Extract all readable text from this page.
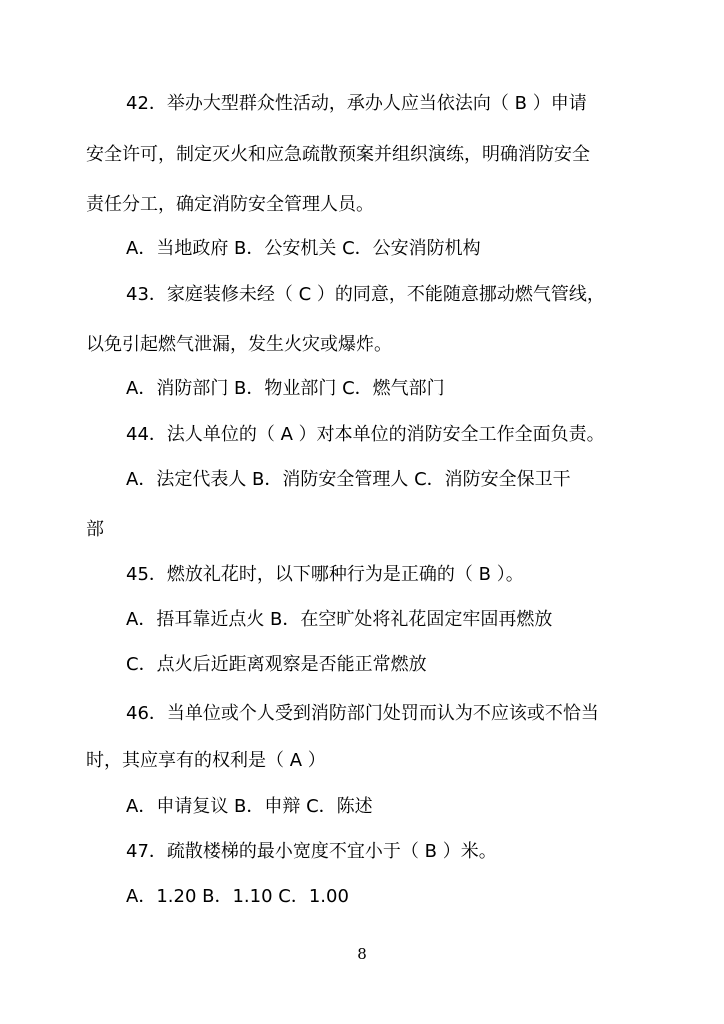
42．举办大型群众性活动，承办人应当依法向（ B ）申请
安全许可，制定灭火和应急疏散预案并组织演练，明确消防安全
责任分工，确定消防安全管理人员。
A．当地政府 B．公安机关 C．公安消防机构
43．家庭装修未经（ C ）的同意，不能随意挪动燃气管线，
以免引起燃气泄漏，发生火灾或爆炸。
A．消防部门 B．物业部门 C．燃气部门
44．法人单位的（ A ）对本单位的消防安全工作全面负责。
A．法定代表人 B．消防安全管理人 C．消防安全保卫干
部
45．燃放礼花时，以下哪种行为是正确的（ B ）。
A．捂耳靠近点火 B．在空旷处将礼花固定牢固再燃放
C．点火后近距离观察是否能正常燃放
46．当单位或个人受到消防部门处罚而认为不应该或不恰当
时，其应享有的权利是（ A ）
A．申请复议 B．申辩 C．陈述
47．疏散楼梯的最小宽度不宜小于（ B ）米。
A．1.20 B．1.10 C．1.00
8
